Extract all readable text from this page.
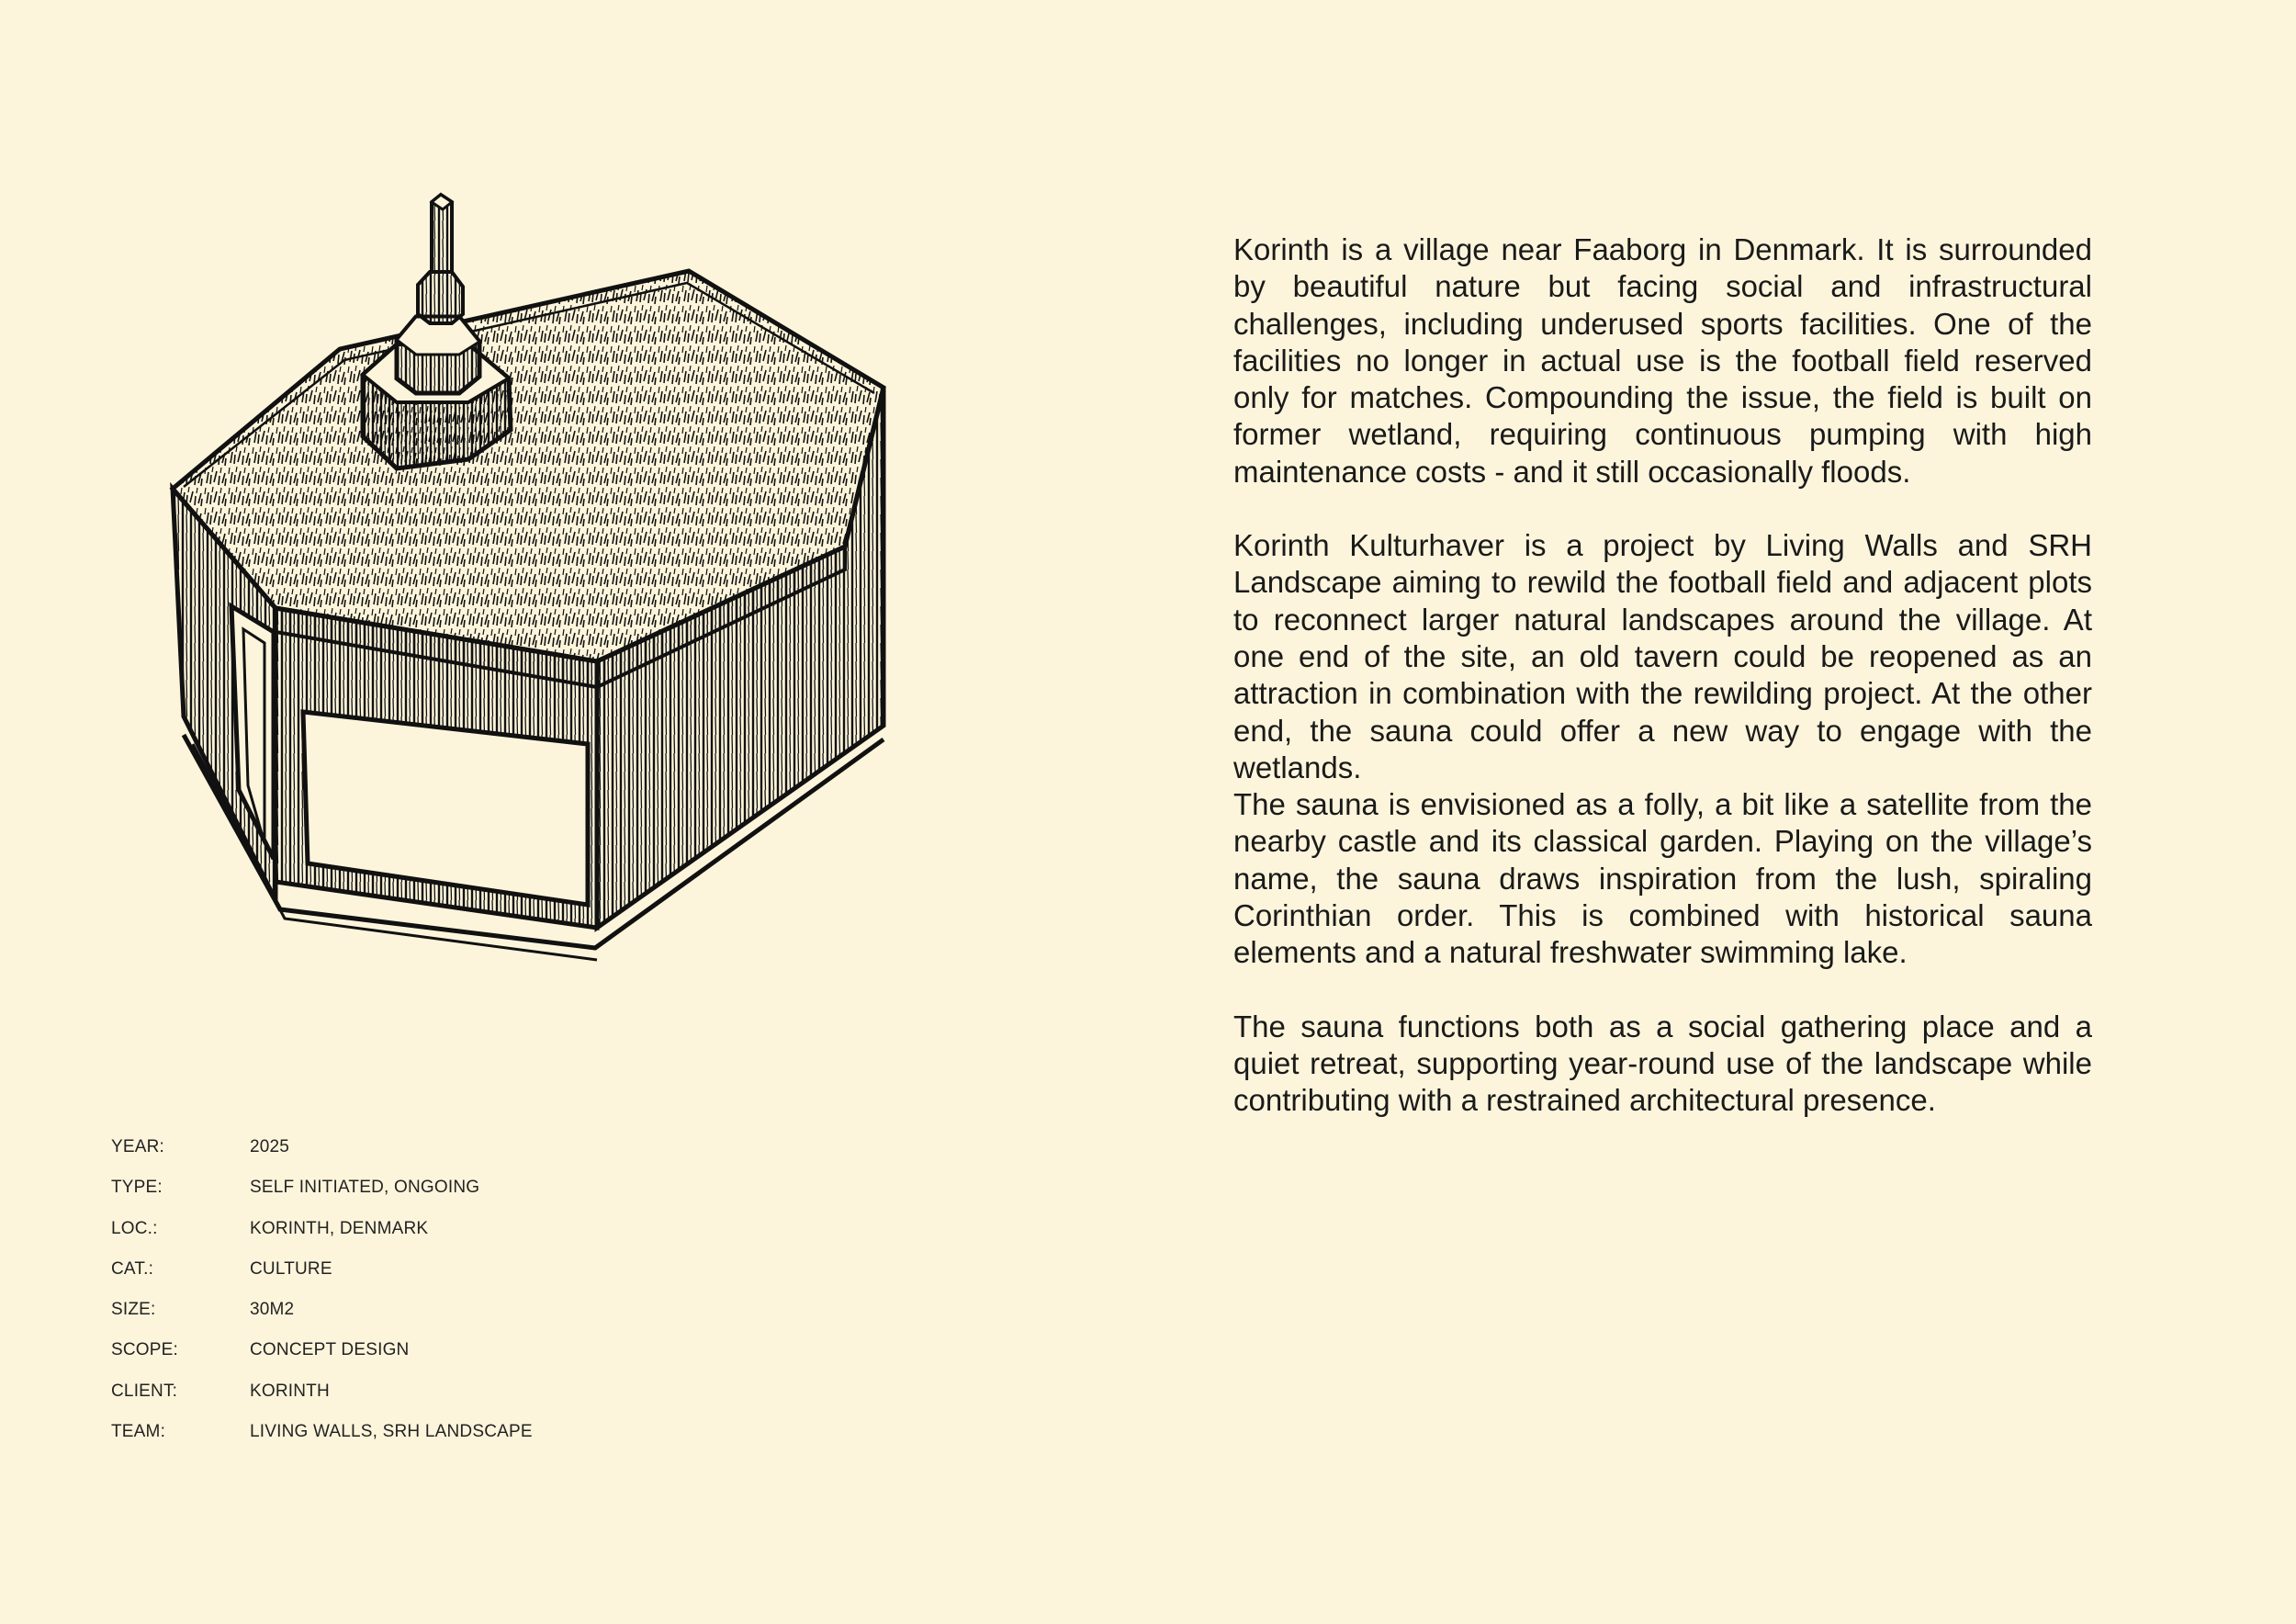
YEAR:	2025
TYPE:	SELF INITIATED, ONGOING
LOC.:	KORINTH, DENMARK
CAT.:	CULTURE
SIZE:	30M2
SCOPE:	CONCEPT DESIGN
CLIENT:	KORINTH
TEAM:	LIVING WALLS, SRH LANDSCAPE

Korinth is a village near Faaborg in Denmark. It is surrounded by beautiful nature but facing social and infrastructural challenges, including underused sports facilities. One of the facilities no longer in actual use is the football field reserved only for matches. Compounding the issue, the field is built on former wetland, requiring continuous pumping with high maintenance costs - and it still occasionally floods.

Korinth Kulturhaver is a project by Living Walls and SRH Landscape aiming to rewild the football field and adjacent plots to reconnect larger natural landscapes around the village. At one end of the site, an old tavern could be reopened as an attraction in combination with the rewilding project. At the other end, the sauna could offer a new way to engage with the wetlands.

The sauna is envisioned as a folly, a bit like a satellite from the nearby castle and its classical garden. Playing on the village’s name, the sauna draws inspiration from the lush, spiraling Corinthian order. This is combined with historical sauna elements and a natural freshwater swimming lake.

The sauna functions both as a social gathering place and a quiet retreat, supporting year-round use of the landscape while contributing with a restrained architectural presence.
